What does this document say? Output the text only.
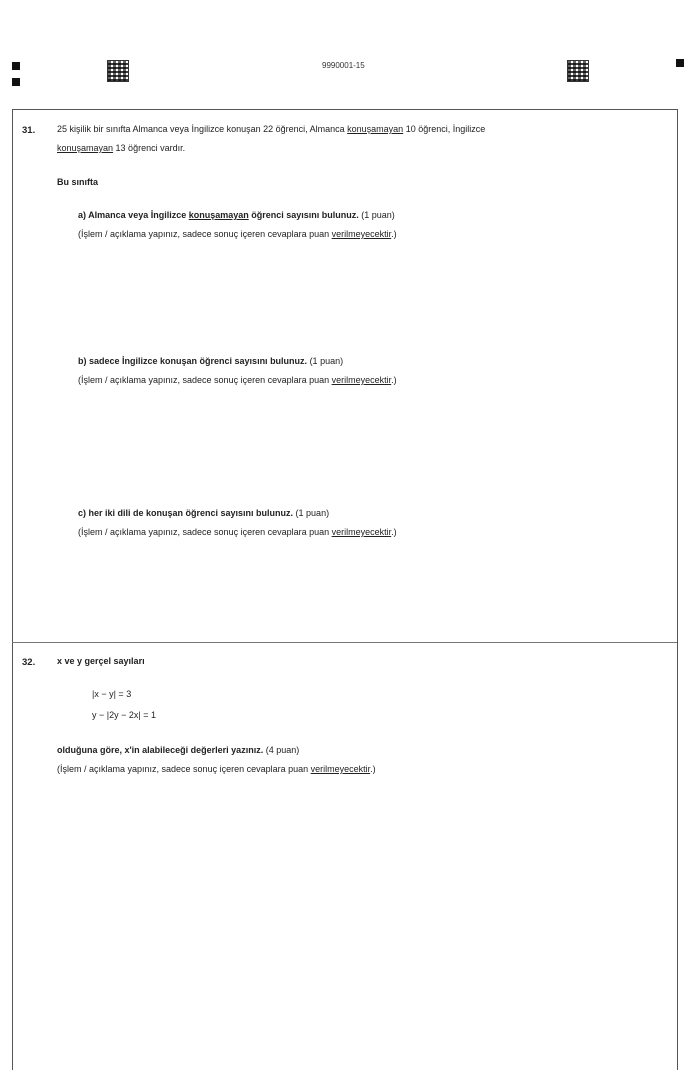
9990001-15
31. 25 kişilik bir sınıfta Almanca veya İngilizce konuşan 22 öğrenci, Almanca konuşamayan 10 öğrenci, İngilizce
konuşamayan 13 öğrenci vardır.
Bu sınıfta
a) Almanca veya İngilizce konuşamayan öğrenci sayısını bulunuz. (1 puan)
(İşlem / açıklama yapınız, sadece sonuç içeren cevaplara puan verilmeyecektir.)
b) sadece İngilizce konuşan öğrenci sayısını bulunuz. (1 puan)
(İşlem / açıklama yapınız, sadece sonuç içeren cevaplara puan verilmeyecektir.)
c) her iki dili de konuşan öğrenci sayısını bulunuz. (1 puan)
(İşlem / açıklama yapınız, sadece sonuç içeren cevaplara puan verilmeyecektir.)
32. x ve y gerçel sayıları
|x − y| = 3
y − |2y − 2x| = 1
olduğuna göre, x'in alabileceği değerleri yazınız. (4 puan)
(İşlem / açıklama yapınız, sadece sonuç içeren cevaplara puan verilmeyecektir.)
